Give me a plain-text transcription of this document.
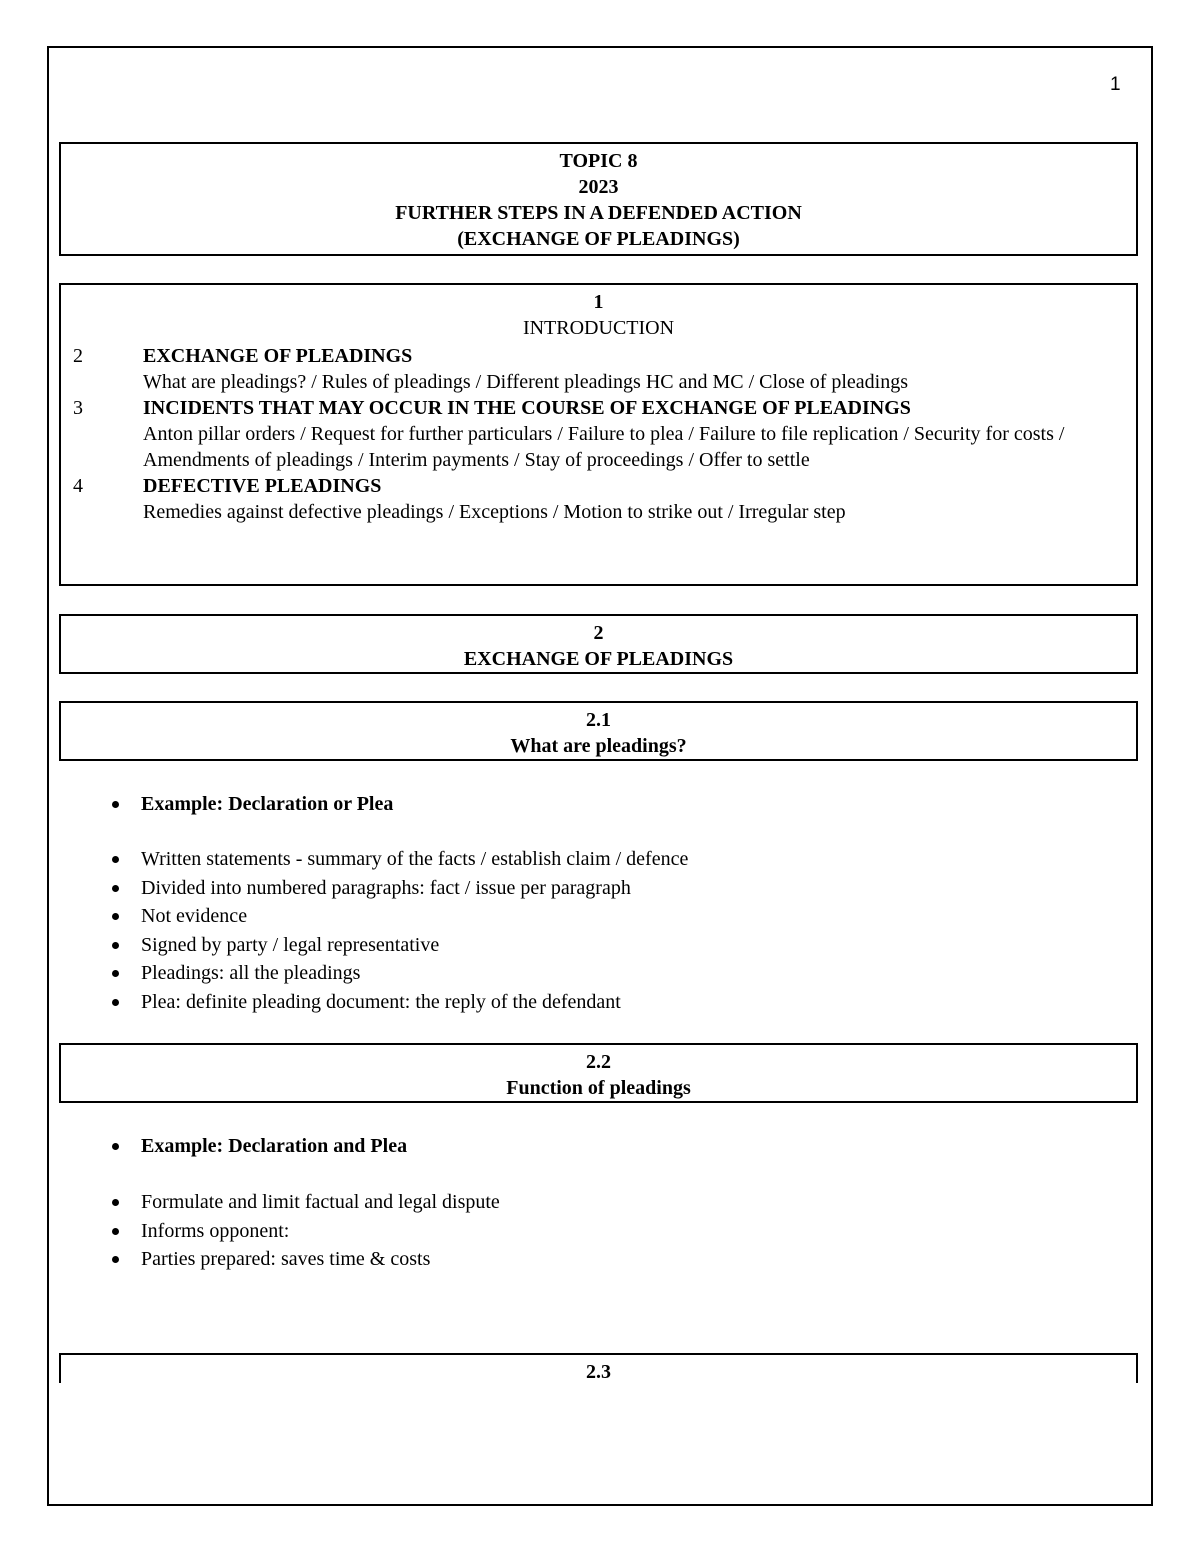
1
TOPIC 8
2023
FURTHER STEPS IN A DEFENDED ACTION
(EXCHANGE OF PLEADINGS)
1
INTRODUCTION
2	EXCHANGE OF PLEADINGS
What are pleadings? / Rules of pleadings / Different pleadings HC and MC / Close of pleadings
3	INCIDENTS THAT MAY OCCUR IN THE COURSE OF EXCHANGE OF PLEADINGS
Anton pillar orders / Request for further particulars / Failure to plea / Failure to file replication / Security for costs / Amendments of pleadings / Interim payments / Stay of proceedings / Offer to settle
4	DEFECTIVE PLEADINGS
Remedies against defective pleadings / Exceptions / Motion to strike out / Irregular step
2
EXCHANGE OF PLEADINGS
2.1
What are pleadings?
Example: Declaration or Plea
Written statements - summary of the facts / establish claim / defence
Divided into numbered paragraphs: fact / issue per paragraph
Not evidence
Signed by party / legal representative
Pleadings: all the pleadings
Plea: definite pleading document: the reply of the defendant
2.2
Function of pleadings
Example: Declaration and Plea
Formulate and limit factual and legal dispute
Informs opponent:
Parties prepared: saves time & costs
2.3
